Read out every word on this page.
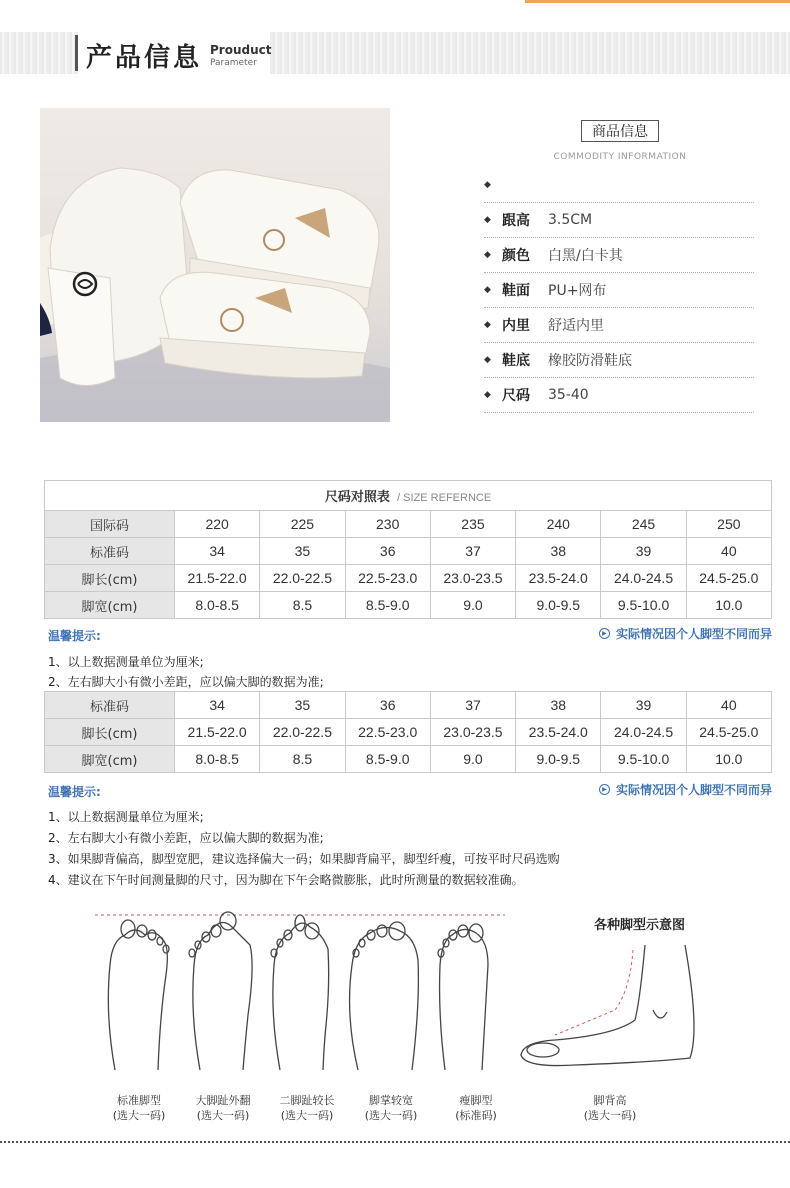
产品信息 Prouduct
Parameter
商品信息
COMMODITY INFORMATION
◆
◆ 跟高	3.5CM
◆ 颜色	白黑/白卡其
◆ 鞋面	PU+网布
◆ 内里	舒适内里
◆ 鞋底	橡胶防滑鞋底
◆ 尺码	35-40
尺码对照表 / SIZE REFERNCE							
国际码	220	225	230	235	240	245	250
标准码	34	35	36	37	38	39	40
脚长(cm)	21.5-22.0	22.0-22.5	22.5-23.0	23.0-23.5	23.5-24.0	24.0-24.5	24.5-25.0
脚宽(cm)	8.0-8.5	8.5	8.5-9.0	9.0	9.0-9.5	9.5-10.0	10.0
温馨提示:	▶ 实际情况因个人脚型不同而异
1、以上数据测量单位为厘米;
2、左右脚大小有微小差距，应以偏大脚的数据为准;
标准码	34	35	36	37	38	39	40
脚长(cm)	21.5-22.0	22.0-22.5	22.5-23.0	23.0-23.5	23.5-24.0	24.0-24.5	24.5-25.0
脚宽(cm)	8.0-8.5	8.5	8.5-9.0	9.0	9.0-9.5	9.5-10.0	10.0
温馨提示:	▶ 实际情况因个人脚型不同而异
1、以上数据测量单位为厘米;
2、左右脚大小有微小差距，应以偏大脚的数据为准;
3、如果脚背偏高，脚型宽肥，建议选择偏大一码；如果脚背扁平，脚型纤瘦，可按平时尺码选购
4、建议在下午时间测量脚的尺寸，因为脚在下午会略微膨胀，此时所测量的数据较准确。
各种脚型示意图
标准脚型
(选大一码)
大脚趾外翻
(选大一码)
二脚趾较长
(选大一码)
脚掌较宽
(选大一码)
瘦脚型
(标准码)
脚背高
(选大一码)
